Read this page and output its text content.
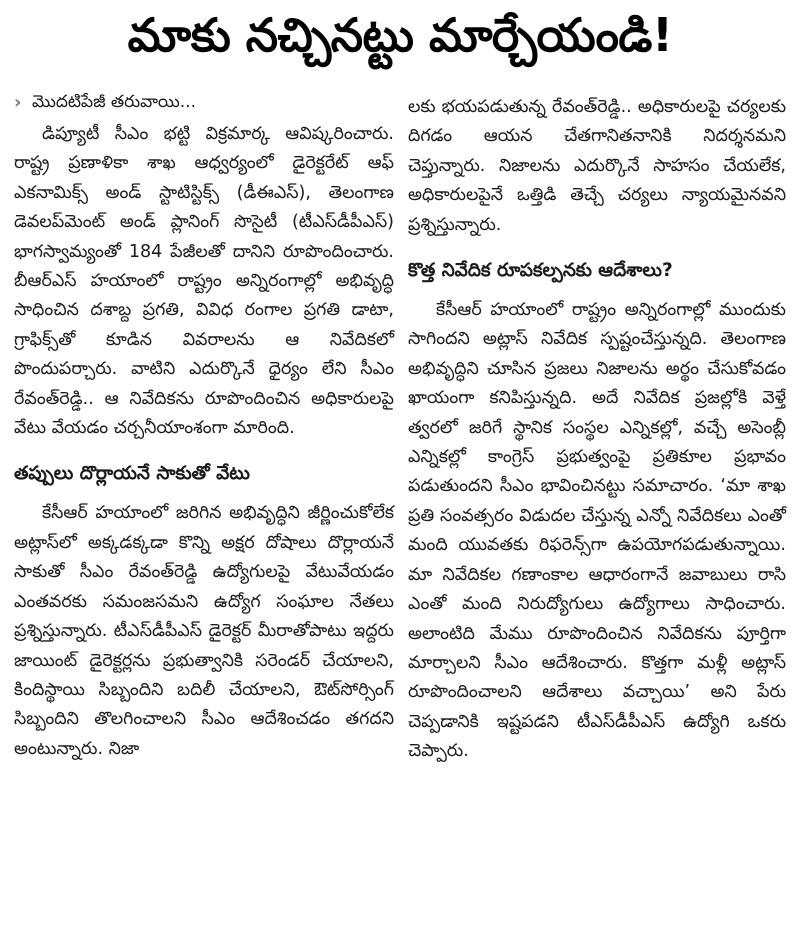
మాకు నచ్చినట్టు మార్చేయండి!
› మొదటిపేజీ తరువాయి...

డిప్యూటీ సీఎం భట్టి విక్రమార్క ఆవిష్కరించారు. రాష్ట్ర ప్రణాళికా శాఖ ఆధ్వర్యంలో డైరెక్టరేట్ ఆఫ్ ఎకనామిక్స్ అండ్ స్టాటిస్టిక్స్ (డీఈఎస్), తెలంగాణ డెవలప్‌మెంట్ అండ్ ప్లానింగ్ సొసైటీ (టీఎస్‌డీపీఎస్) భాగస్వామ్యంతో 184 పేజీలతో దానిని రూపొందించారు. బీఆర్ఎస్ హయాంలో రాష్ట్రం అన్నిరంగాల్లో అభివృద్ధి సాధించిన దశాబ్ద ప్రగతి, వివిధ రంగాల ప్రగతి డాటా, గ్రాఫిక్స్‌తో కూడిన వివరాలను ఆ నివేదికలో పొందుపర్చారు. వాటిని ఎదుర్కొనే ధైర్యం లేని సీఎం రేవంత్‌రెడ్డి.. ఆ నివేదికను రూపొందించిన అధికారులపై వేటు వేయడం చర్చనీయాంశంగా మారింది.

తప్పులు దొర్లాయనే సాకుతో వేటు

కేసీఆర్ హయాంలో జరిగిన అభివృద్ధిని జీర్ణించుకోలేక అట్లాస్‌లో అక్కడక్కడా కొన్ని అక్షర దోషాలు దొర్లాయనే సాకుతో సీఎం రేవంత్‌రెడ్డి ఉద్యోగులపై వేటువేయడం ఎంతవరకు సమంజసమని ఉద్యోగ సంఘాల నేతలు ప్రశ్నిస్తున్నారు. టీఎస్‌డీపీఎస్ డైరెక్టర్ మీరాతోపాటు ఇద్దరు జాయింట్ డైరెక్టర్లను ప్రభుత్వానికి సరెండర్ చేయాలని, కిందిస్థాయి సిబ్బందిని బదిలీ చేయాలని, ఔట్‌సోర్సింగ్ సిబ్బందిని తొలగించాలని సీఎం ఆదేశించడం తగదని అంటున్నారు. నిజా

లకు భయపడుతున్న రేవంత్‌రెడ్డి.. అధికారులపై చర్యలకు దిగడం ఆయన చేతగానితనానికి నిదర్శనమని చెప్తున్నారు. నిజాలను ఎదుర్కొనే సాహసం చేయలేక, అధికారులపైనే ఒత్తిడి తెచ్చే చర్యలు న్యాయమైనవని ప్రశ్నిస్తున్నారు.

కొత్త నివేదిక రూపకల్పనకు ఆదేశాలు?

కేసీఆర్ హయాంలో రాష్ట్రం అన్నిరంగాల్లో ముందుకు సాగిందని అట్లాస్ నివేదిక స్పష్టంచేస్తున్నది. తెలంగాణ అభివృద్ధిని చూసిన ప్రజలు నిజాలను అర్థం చేసుకోవడం ఖాయంగా కనిపిస్తున్నది. అదే నివేదిక ప్రజల్లోకి వెళ్తే త్వరలో జరిగే స్థానిక సంస్థల ఎన్నికల్లో, వచ్చే అసెంబ్లీ ఎన్నికల్లో కాంగ్రెస్ ప్రభుత్వంపై ప్రతికూల ప్రభావం పడుతుందని సీఎం భావించినట్టు సమాచారం. ‘మా శాఖ ప్రతి సంవత్సరం విడుదల చేస్తున్న ఎన్నో నివేదికలు ఎంతో మంది యువతకు రిఫరెన్స్‌గా ఉపయోగపడుతున్నాయి. మా నివేదికల గణాంకాల ఆధారంగానే జవాబులు రాసి ఎంతో మంది నిరుద్యోగులు ఉద్యోగాలు సాధించారు. అలాంటిది మేము రూపొందించిన నివేదికను పూర్తిగా మార్చాలని సీఎం ఆదేశించారు. కొత్తగా మళ్లీ అట్లాస్ రూపొందించాలని ఆదేశాలు వచ్చాయి’ అని పేరు చెప్పడానికి ఇష్టపడని టీఎస్‌డీపీఎస్ ఉద్యోగి ఒకరు చెప్పారు.
